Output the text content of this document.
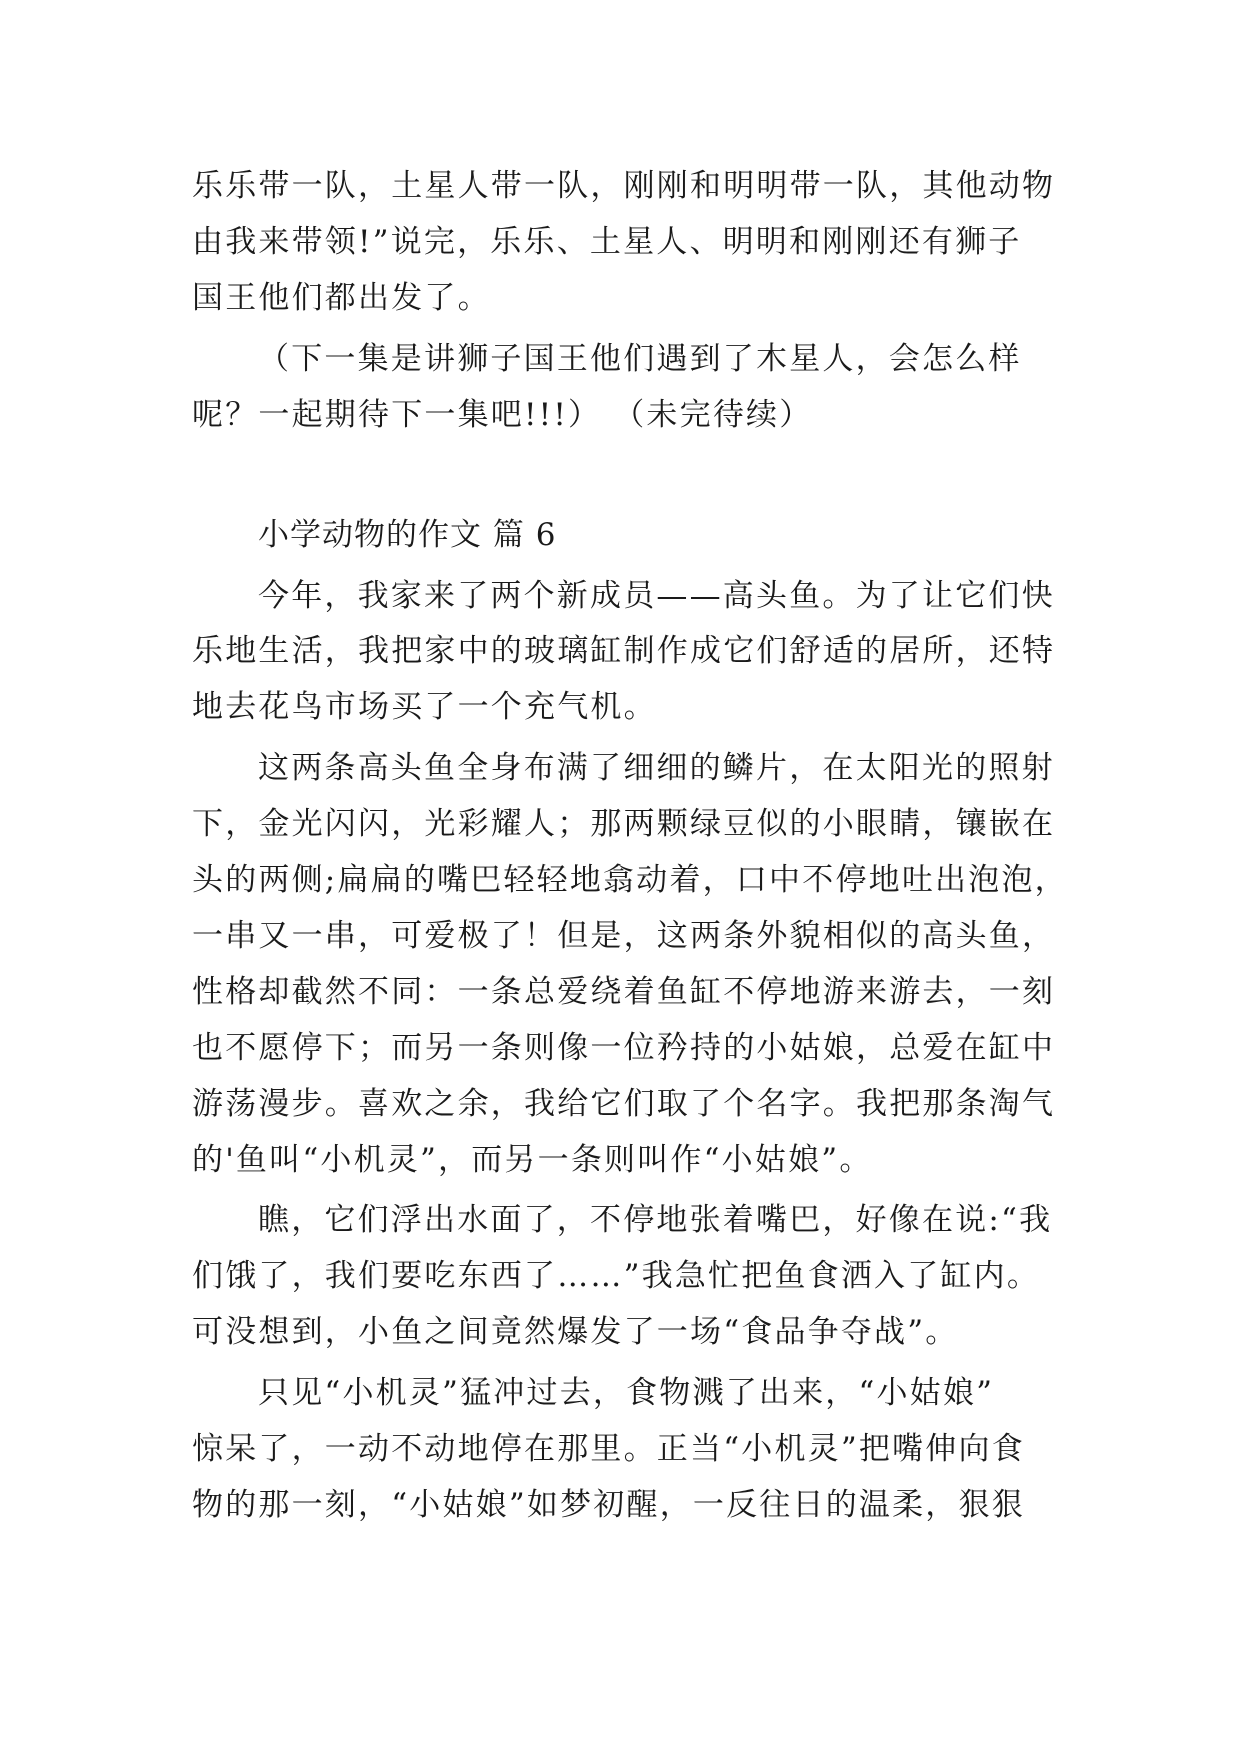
乐乐带一队，土星人带一队，刚刚和明明带一队，其他动物
由我来带领!”说完，乐乐、土星人、明明和刚刚还有狮子
国王他们都出发了。
（下一集是讲狮子国王他们遇到了木星人，会怎么样
呢？一起期待下一集吧!!!） （未完待续）
小学动物的作文 篇 6
今年，我家来了两个新成员——高头鱼。为了让它们快
乐地生活，我把家中的玻璃缸制作成它们舒适的居所，还特
地去花鸟市场买了一个充气机。
这两条高头鱼全身布满了细细的鳞片，在太阳光的照射
下，金光闪闪，光彩耀人；那两颗绿豆似的小眼睛，镶嵌在
头的两侧;扁扁的嘴巴轻轻地翕动着，口中不停地吐出泡泡，
一串又一串，可爱极了！但是，这两条外貌相似的高头鱼，
性格却截然不同：一条总爱绕着鱼缸不停地游来游去，一刻
也不愿停下；而另一条则像一位矜持的小姑娘，总爱在缸中
游荡漫步。喜欢之余，我给它们取了个名字。我把那条淘气
的'鱼叫“小机灵”，而另一条则叫作“小姑娘”。
瞧，它们浮出水面了，不停地张着嘴巴，好像在说:“我
们饿了，我们要吃东西了……”我急忙把鱼食洒入了缸内。
可没想到，小鱼之间竟然爆发了一场“食品争夺战”。
只见“小机灵”猛冲过去，食物溅了出来，“小姑娘”
惊呆了，一动不动地停在那里。正当“小机灵”把嘴伸向食
物的那一刻，“小姑娘”如梦初醒，一反往日的温柔，狠狠
